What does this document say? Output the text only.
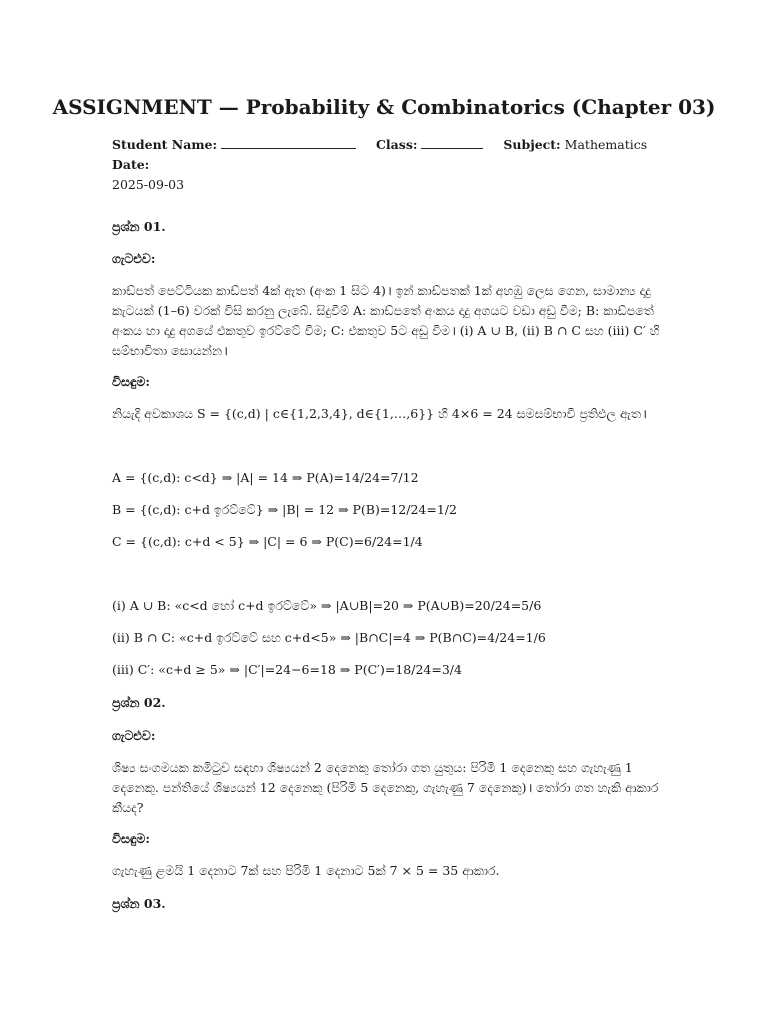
ASSIGNMENT — Probability & Combinatorics (Chapter 03)
Student Name:	Class:	Subject: Mathematics     Date:
2025-09-03
ප්‍රශ්න 01.
ගැටළුව:
කාඩ්පත් පෙට්ටියක කාඩ්පත් 4ක් ඇත (අංක 1 සිට 4)। ඉන් කාඩ්පතක් 1ක් අහඹු ලෙස ගෙන, සාමාන්‍ය දාදු කැටයක් (1–6) වරක් විසි කරනු ලැබේ. සිදුවීම් A: කාඩ්පතේ අංකය දාදු අගයට වඩා අඩු වීම; B: කාඩ්පතේ අංකය හා දාදු අගයේ එකතුව ඉරට්ටේ වීම; C: එකතුව 5ට අඩු වීම। (i) A ∪ B, (ii) B ∩ C සහ (iii) C′ හි සම්භාවිතා සොයන්න।
විසඳුම:
නියැදි අවකාශය S = {(c,d) | c∈{1,2,3,4}, d∈{1,…,6}} හි 4×6 = 24 සමසම්භාවී ප්‍රතිඵල ඇත।
A = {(c,d): c<d} ⇒ |A| = 14 ⇒ P(A)=14/24=7/12
B = {(c,d): c+d ඉරට්ටේ} ⇒ |B| = 12 ⇒ P(B)=12/24=1/2
C = {(c,d): c+d < 5} ⇒ |C| = 6 ⇒ P(C)=6/24=1/4
(i) A ∪ B: «c<d හෝ c+d ඉරට්ටේ» ⇒ |A∪B|=20 ⇒ P(A∪B)=20/24=5/6
(ii) B ∩ C: «c+d ඉරට්ටේ සහ c+d<5» ⇒ |B∩C|=4 ⇒ P(B∩C)=4/24=1/6
(iii) C′: «c+d ≥ 5» ⇒ |C′|=24−6=18 ⇒ P(C′)=18/24=3/4
ප්‍රශ්න 02.
ගැටළුව:
ශිෂ්‍ය සංගමයක කමිටුව සඳහා ශිෂ්‍යයන් 2 දෙනෙකු තෝරා ගත යුතුය: පිරිමි 1 දෙනෙකු සහ ගැහැණු 1 දෙනෙකු. පන්තියේ ශිෂ්‍යයන් 12 දෙනෙකු (පිරිමි 5 දෙනෙකු, ගැහැණු 7 දෙනෙකු)। තෝරා ගත හැකි ආකාර කීයද?
විසඳුම:
ගැහැණු ළමයි 1 දෙනාට 7ක් සහ පිරිමි 1 දෙනාට 5ක් 7 × 5 = 35 ආකාර.
ප්‍රශ්න 03.
